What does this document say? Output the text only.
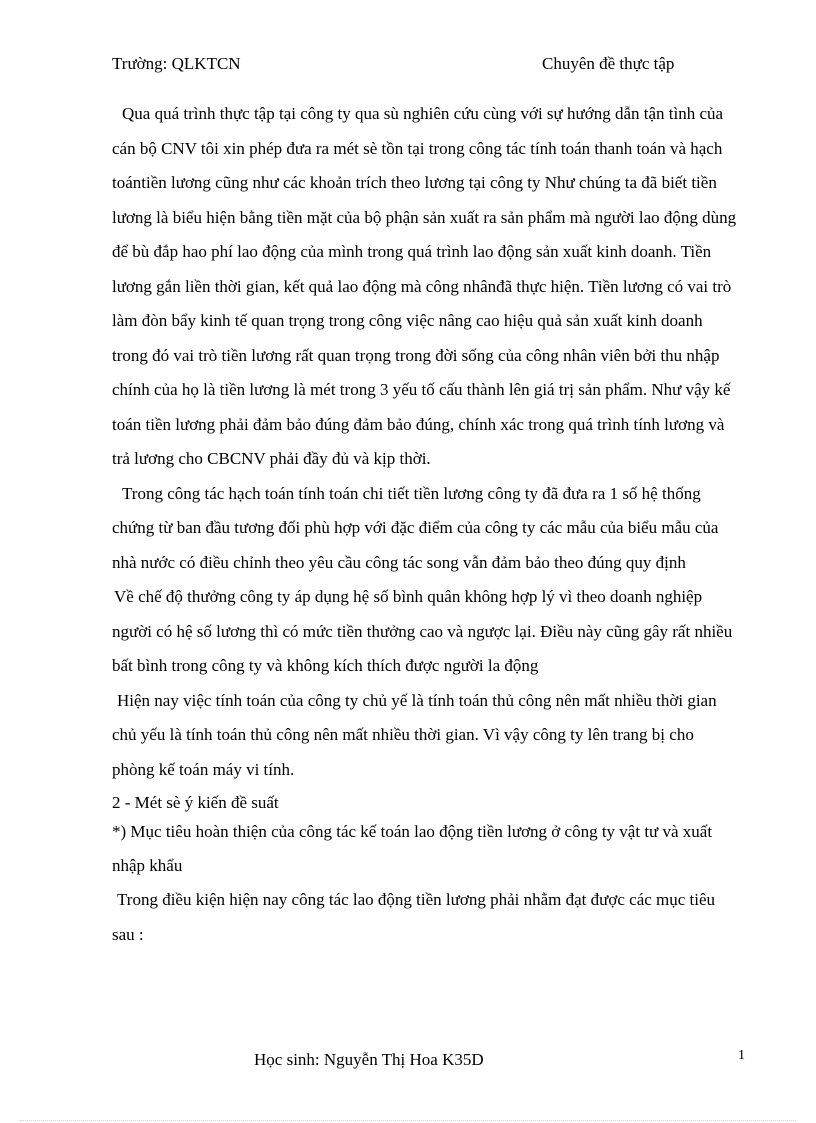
Trường: QLKTCN	Chuyên đề thực tập

Qua quá trình thực tập tại công ty qua sù nghiên cứu cùng với sự hướng dẫn tận tình của cán bộ CNV tôi xin phép đưa ra mét sè tồn tại trong công tác tính toán thanh toán và hạch toántiền lương cũng như các khoản trích theo lương tại công ty Như chúng ta đã biết tiền lương là biểu hiện bằng tiền mặt của bộ phận sản xuất ra sản phẩm mà người lao động dùng để bù đắp hao phí lao động của mình trong quá trình lao động sản xuất kinh doanh. Tiền lương gắn liền thời gian, kết quả lao động mà công nhânđã thực hiện. Tiền lương có vai trò làm đòn bẩy kinh tế quan trọng trong công việc nâng cao hiệu quả sản xuất kinh doanh trong đó vai trò tiền lương rất quan trọng trong đời sống của công nhân viên bởi thu nhập chính của họ là tiền lương là mét trong 3 yếu tố cấu thành lên giá trị sản phẩm. Như vậy kế toán tiền lương phải đảm bảo đúng đảm bảo đúng, chính xác trong quá trình tính lương và trả lương cho CBCNV phải đầy đủ và kịp thời.

Trong công tác hạch toán tính toán chi tiết tiền lương công ty đã đưa ra 1 số hệ thống chứng từ ban đầu tương đối phù hợp với đặc điểm của công ty các mẫu của biểu mẫu của nhà nước có điều chỉnh theo yêu cầu công tác song vẫn đảm bảo theo đúng quy định

Về chế độ thưởng công ty áp dụng hệ số bình quân không hợp lý vì theo doanh nghiệp người có hệ số lương thì có mức tiền thưởng cao và ngược lại. Điều này cũng gây rất nhiều bất bình trong công ty và không kích thích được người la động

Hiện nay việc tính toán của công ty chủ yế là tính toán thủ công nên mất nhiều thời gian chủ yếu là tính toán thủ công nên mất nhiều thời gian. Vì vậy công ty lên trang bị cho phòng kế toán máy vi tính.

2 - Mét sè ý kiến đề suất

*) Mục tiêu hoàn thiện của công tác kế toán lao động tiền lương ở công ty vật tư và xuất nhập khẩu

Trong điều kiện hiện nay công tác lao động tiền lương phải nhằm đạt được các mục tiêu sau :

Học sinh: Nguyễn Thị Hoa K35D	1
